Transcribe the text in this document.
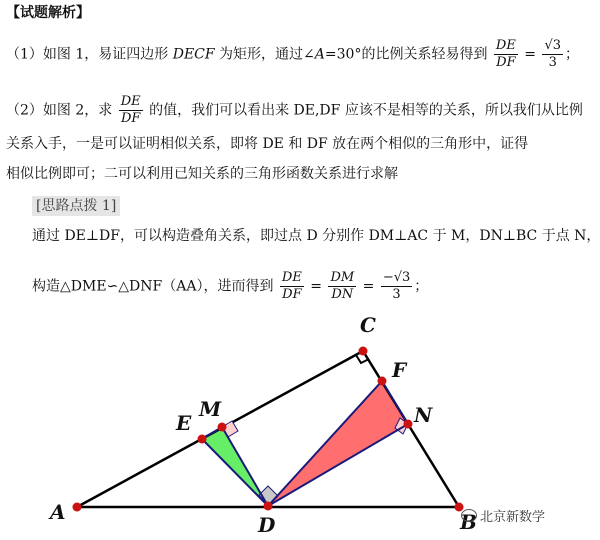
【试题解析】
（1）如图 1，易证四边形 DECF 为矩形，通过∠A=30°的比例关系轻易得到 $\frac{DE}{DF} = \frac{√3}{3}$ ；
（2）如图 2，求 $\frac{DE}{DF}$ 的值，我们可以看出来 DE,DF 应该不是相等的关系，所以我们从比例
关系入手，一是可以证明相似关系，即将 DE 和 DF 放在两个相似的三角形中，证得
相似比例即可；二可以利用已知关系的三角形函数关系进行求解
[思路点拨 1]
通过 DE⊥DF，可以构造叠角关系，即过点 D 分别作 DM⊥AC 于 M，DN⊥BC 于点 N，
构造△DME∽△DNF（AA），进而得到 $\frac{DE}{DF} = \frac{DM}{DN} = \frac{-√3}{3}$ ；
A	B
C
D
E
M
F
N
北京新数学
